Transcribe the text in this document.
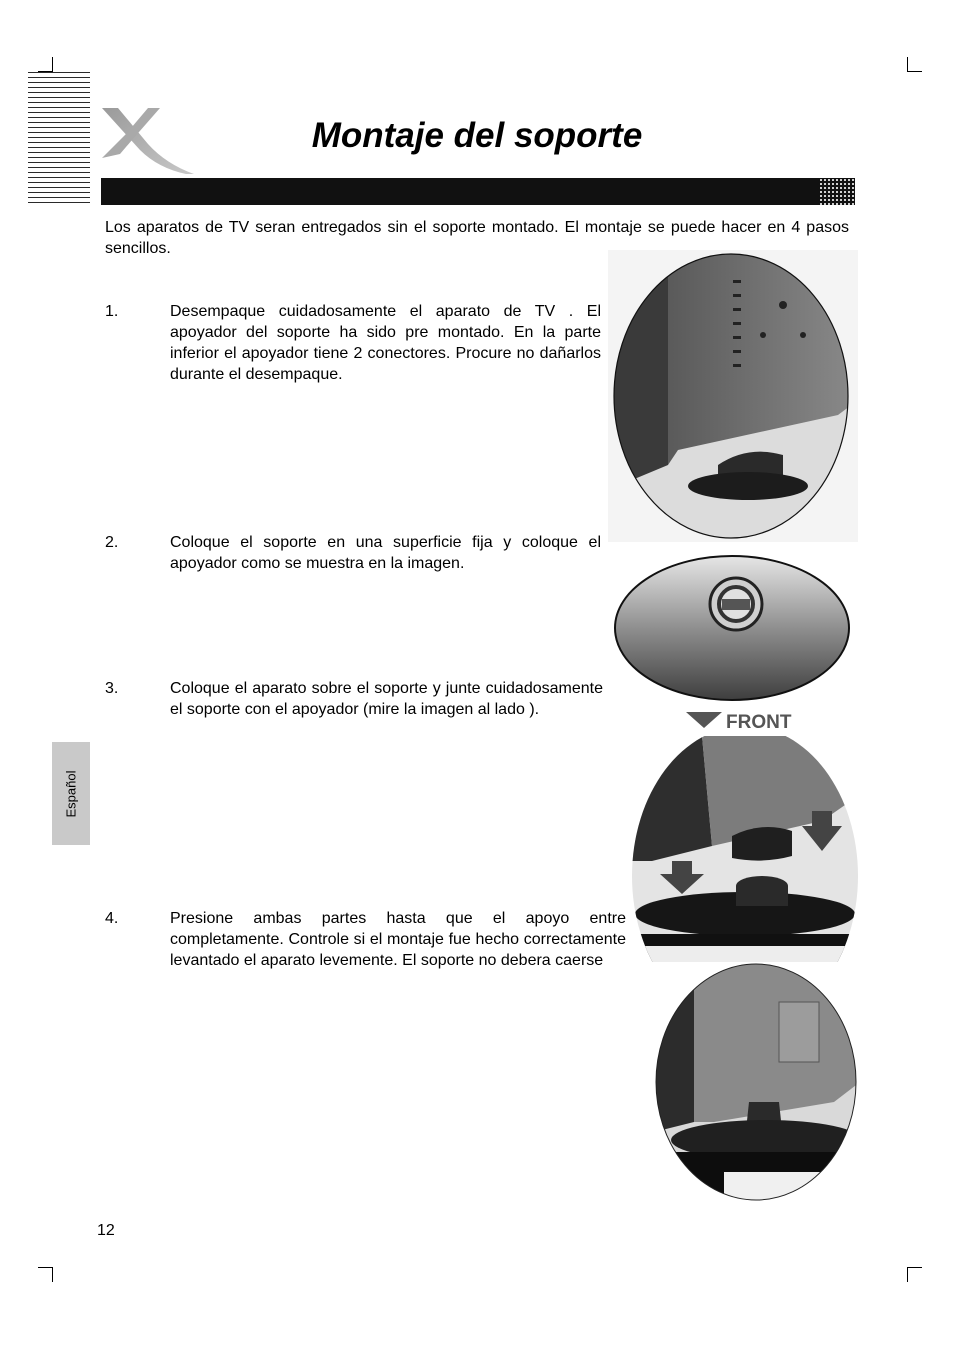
Montaje del soporte

Los aparatos de TV seran entregados sin el soporte montado. El montaje se puede hacer en 4 pasos sencillos.

1.	Desempaque cuidadosamente el aparato de TV . El apoyador del soporte ha sido pre montado. En la parte inferior el apoyador tiene 2 conectores. Procure no dañarlos durante el desempaque.

2.	Coloque el soporte en una superficie fija y coloque el apoyador como se muestra en la imagen.

3.	Coloque el aparato sobre el soporte y junte cuidadosamente el soporte con el apoyador (mire la imagen al lado ).

4.	Presione ambas partes hasta que el apoyo entre completamente. Controle si el montaje fue hecho correctamente levantado el aparato levemente. El soporte no debera caerse

FRONT
Español
12
